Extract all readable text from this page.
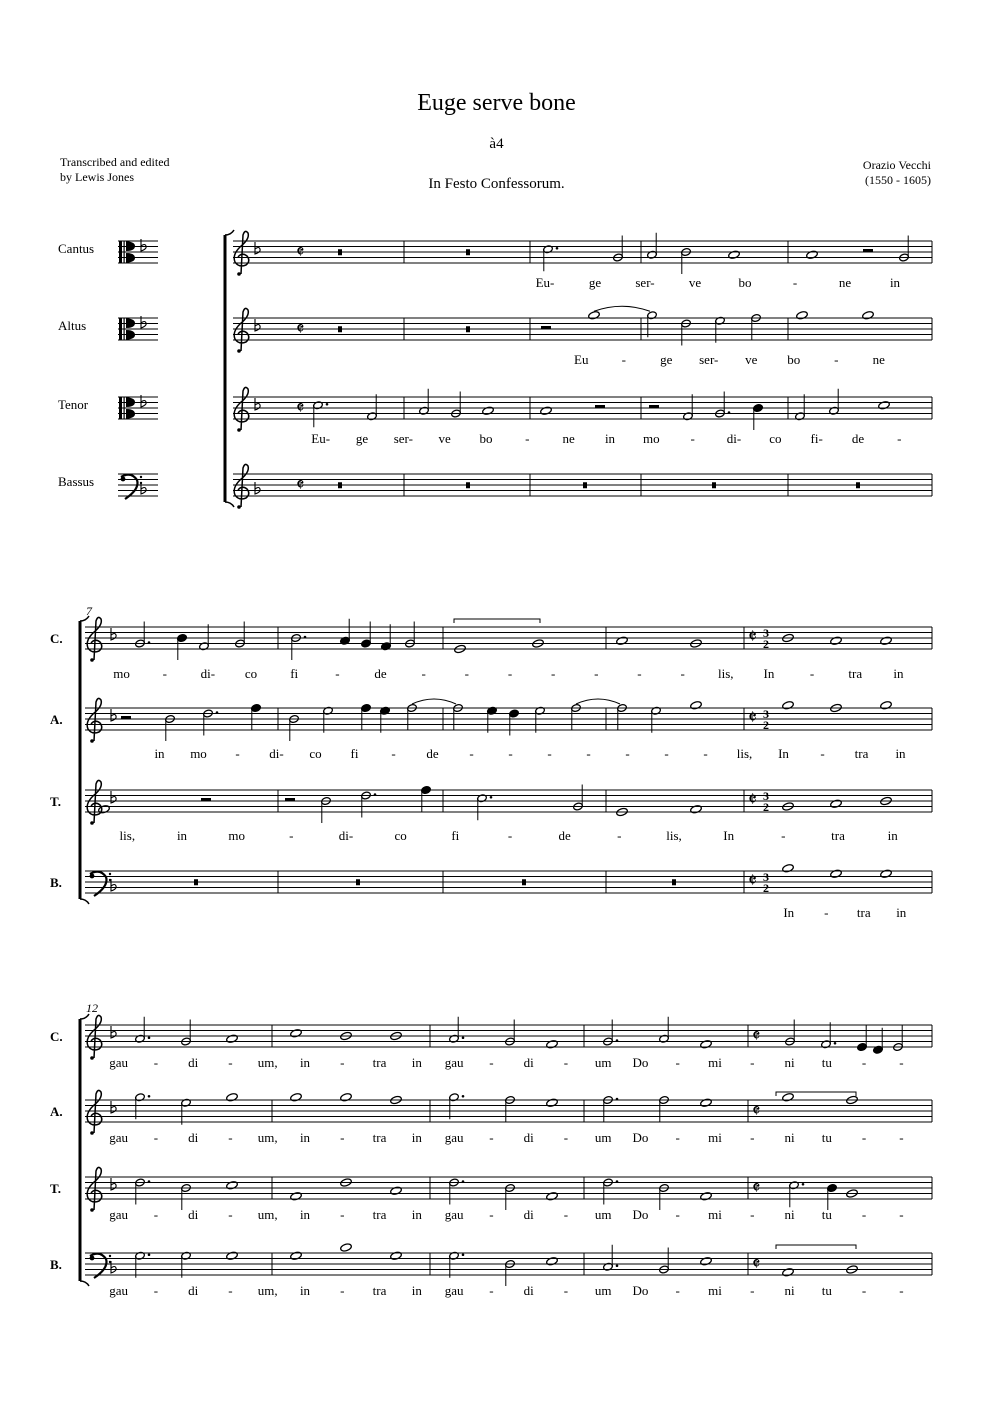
Euge serve bone
à4
In Festo Confessorum.
Transcribed and edited
by Lewis Jones
Orazio Vecchi
(1550 - 1605)
Cantus	𝄵
Altus	𝄵
Tenor	𝄵
Bassus	𝄵
Eu-	ge	ser-	ve	bo	-	ne	in
Eu	-	ge ser- ve bo	-	ne
Eu- ge ser- ve bo	-	ne in mo - di- co fi- de	-
7
C.	𝄵 3
2
A.	𝄵 3
2
T.	𝄵 3
2
B.	𝄵 3
2
mo	-	di- co	fi	-	de	-	-	-	-	-	-	-	lis, In	-	tra in
in mo - di- co fi	- de -	-	-	-	-	-	- lis, In - tra in
lis,	in	mo	-	di-	co	fi	-	de	-	lis,	In	-	tra	in
In - tra in
12
C.	𝄵
A.	𝄵
T.	𝄵
B.	𝄵
gau - di - um, in - tra in gau - di - um Do - mi - ni tu -	-
gau - di - um, in - tra in gau - di - um Do - mi - ni tu -	-
gau - di - um, in - tra in gau - di - um Do - mi - ni tu -	-
gau - di - um, in - tra in gau - di - um Do - mi - ni tu -	-
